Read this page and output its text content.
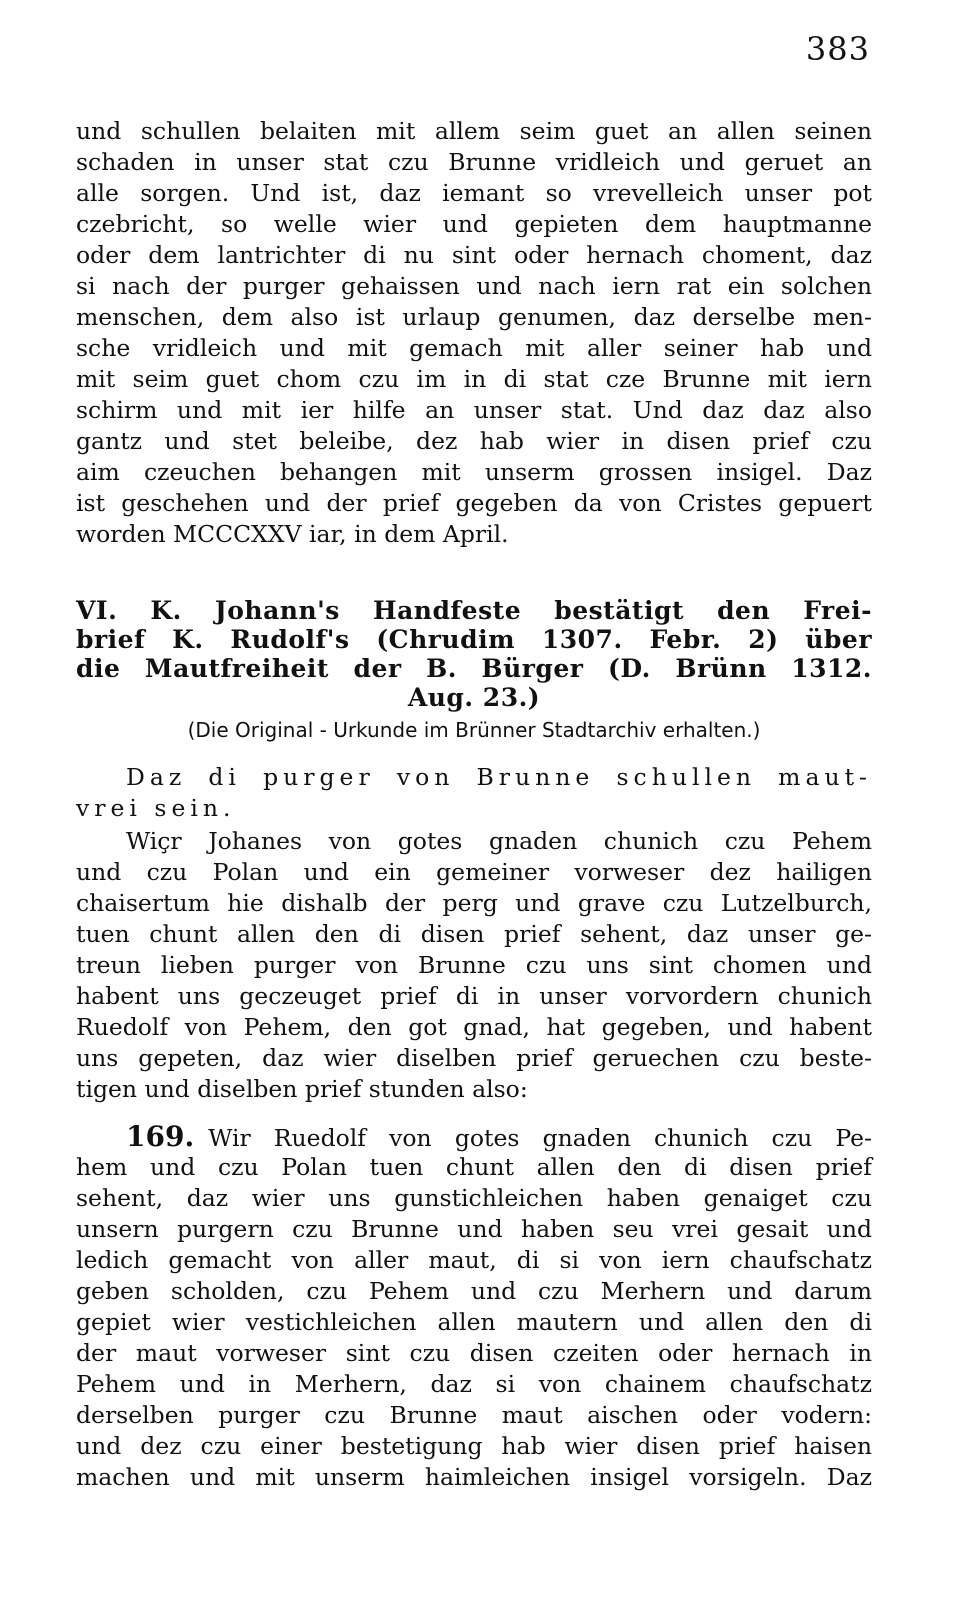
383
und schullen belaiten mit allem seim guet an allen seinen
schaden in unser stat czu Brunne vridleich und geruet an
alle sorgen. Und ist, daz iemant so vrevelleich unser pot
czebricht, so welle wier und gepieten dem hauptmanne
oder dem lantrichter di nu sint oder hernach choment, daz
si nach der purger gehaissen und nach iern rat ein solchen
menschen, dem also ist urlaup genumen, daz derselbe men-
sche vridleich und mit gemach mit aller seiner hab und
mit seim guet chom czu im in di stat cze Brunne mit iern
schirm und mit ier hilfe an unser stat. Und daz daz also
gantz und stet beleibe, dez hab wier in disen prief czu
aim czeuchen behangen mit unserm grossen insigel. Daz
ist geschehen und der prief gegeben da von Cristes gepuert
worden MCCCXXV iar, in dem April.
VI. K. Johann's Handfeste bestätigt den Frei-
brief K. Rudolf's (Chrudim 1307. Febr. 2) über
die Mautfreiheit der B. Bürger (D. Brünn 1312.
Aug. 23.)
(Die Original - Urkunde im Brünner Stadtarchiv erhalten.)
Daz di purger von Brunne schullen maut-
vrei sein.
Wiçr Johanes von gotes gnaden chunich czu Pehem
und czu Polan und ein gemeiner vorweser dez hailigen
chaisertum hie dishalb der perg und grave czu Lutzelburch,
tuen chunt allen den di disen prief sehent, daz unser ge-
treun lieben purger von Brunne czu uns sint chomen und
habent uns geczeuget prief di in unser vorvordern chunich
Ruedolf von Pehem, den got gnad, hat gegeben, und habent
uns gepeten, daz wier diselben prief geruechen czu beste-
tigen und diselben prief stunden also:
169. Wir Ruedolf von gotes gnaden chunich czu Pe-
hem und czu Polan tuen chunt allen den di disen prief
sehent, daz wier uns gunstichleichen haben genaiget czu
unsern purgern czu Brunne und haben seu vrei gesait und
ledich gemacht von aller maut, di si von iern chaufschatz
geben scholden, czu Pehem und czu Merhern und darum
gepiet wier vestichleichen allen mautern und allen den di
der maut vorweser sint czu disen czeiten oder hernach in
Pehem und in Merhern, daz si von chainem chaufschatz
derselben purger czu Brunne maut aischen oder vodern:
und dez czu einer bestetigung hab wier disen prief haisen
machen und mit unserm haimleichen insigel vorsigeln. Daz
